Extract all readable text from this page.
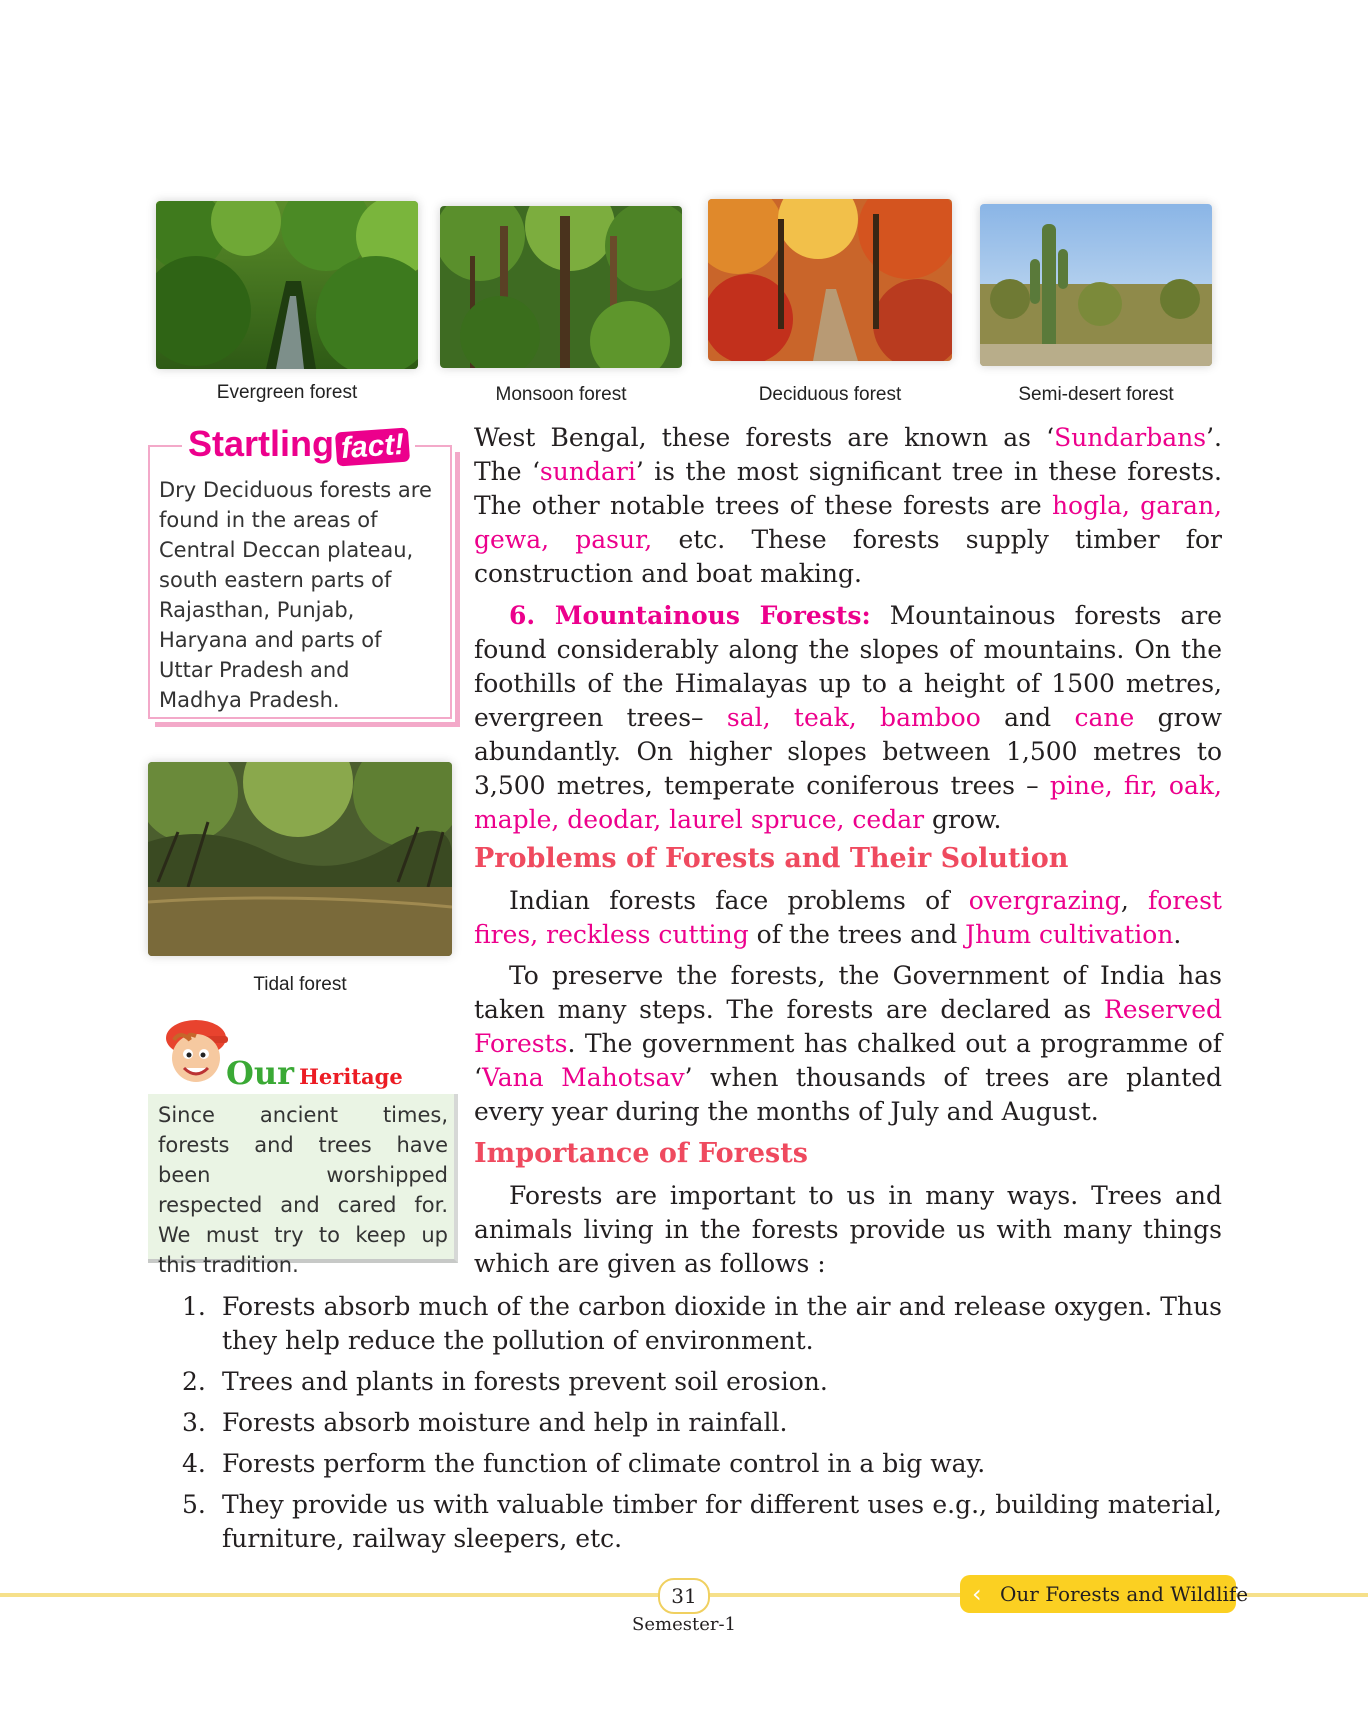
Evergreen forest	Monsoon forest	Deciduous forest	Semi-desert forest
Startling fact!
Dry Deciduous forests are found in the areas of Central Deccan plateau, south eastern parts of Rajasthan, Punjab, Haryana and parts of Uttar Pradesh and Madhya Pradesh.
Tidal forest
Our Heritage
Since ancient times, forests and trees have been worshipped respected and cared for. We must try to keep up this tradition.

West Bengal, these forests are known as ‘Sundarbans’. The ‘sundari’ is the most significant tree in these forests. The other notable trees of these forests are hogla, garan, gewa, pasur, etc. These forests supply timber for construction and boat making.

6. Mountainous Forests: Mountainous forests are found considerably along the slopes of mountains. On the foothills of the Himalayas up to a height of 1500 metres, evergreen trees– sal, teak, bamboo and cane grow abundantly. On higher slopes between 1,500 metres to 3,500 metres, temperate coniferous trees – pine, fir, oak, maple, deodar, laurel spruce, cedar grow.

Problems of Forests and Their Solution

Indian forests face problems of overgrazing, forest fires, reckless cutting of the trees and Jhum cultivation.

To preserve the forests, the Government of India has taken many steps. The forests are declared as Reserved Forests. The government has chalked out a programme of ‘Vana Mahotsav’ when thousands of trees are planted every year during the months of July and August.

Importance of Forests

Forests are important to us in many ways. Trees and animals living in the forests provide us with many things which are given as follows :

1. Forests absorb much of the carbon dioxide in the air and release oxygen. Thus they help reduce the pollution of environment.
2. Trees and plants in forests prevent soil erosion.
3. Forests absorb moisture and help in rainfall.
4. Forests perform the function of climate control in a big way.
5. They provide us with valuable timber for different uses e.g., building material, furniture, railway sleepers, etc.
31	‹ Our Forests and Wildlife
Semester-1
